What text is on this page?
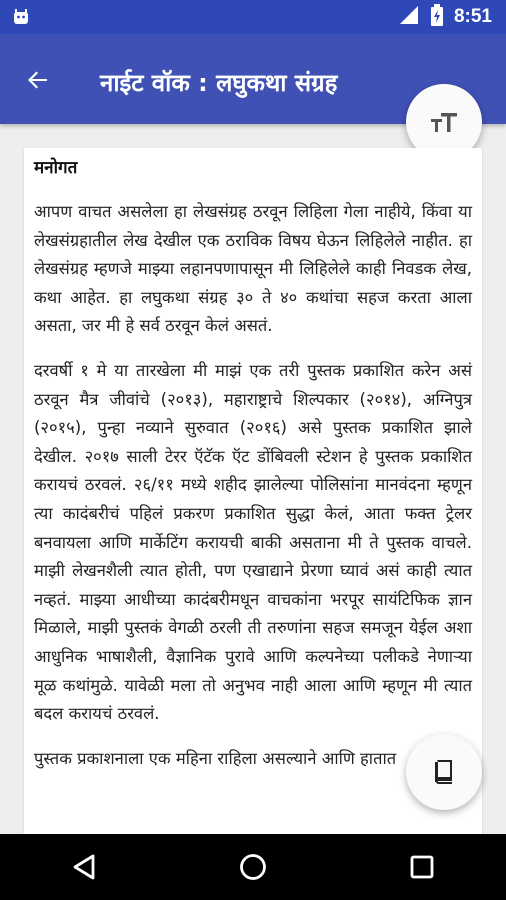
8:51
नाईट वॉक : लघुकथा संग्रह
मनोगत

आपण वाचत असलेला हा लेखसंग्रह ठरवून लिहिला गेला नाहीये, किंवा या लेखसंग्रहातील लेख देखील एक ठराविक विषय घेऊन लिहिलेले नाहीत. हा लेखसंग्रह म्हणजे माझ्या लहानपणापासून मी लिहिलेले काही निवडक लेख, कथा आहेत. हा लघुकथा संग्रह ३० ते ४० कथांचा सहज करता आला असता, जर मी हे सर्व ठरवून केलं असतं.

दरवर्षी १ मे या तारखेला मी माझं एक तरी पुस्तक प्रकाशित करेन असं ठरवून मैत्र जीवांचे (२०१३), महाराष्ट्राचे शिल्पकार (२०१४), अग्निपुत्र (२०१५), पुन्हा नव्याने सुरुवात (२०१६) असे पुस्तक प्रकाशित झाले देखील. २०१७ साली टेरर ऍटॅक ऍट डोंबिवली स्टेशन हे पुस्तक प्रकाशित करायचं ठरवलं. २६/११ मध्ये शहीद झालेल्या पोलिसांना मानवंदना म्हणून त्या कादंबरीचं पहिलं प्रकरण प्रकाशित सुद्धा केलं, आता फक्त ट्रेलर बनवायला आणि मार्केटिंग करायची बाकी असताना मी ते पुस्तक वाचले. माझी लेखनशैली त्यात होती, पण एखाद्याने प्रेरणा घ्यावं असं काही त्यात नव्हतं. माझ्या आधीच्या कादंबरीमधून वाचकांना भरपूर सायंटिफिक ज्ञान मिळाले, माझी पुस्तकं वेगळी ठरली ती तरुणांना सहज समजून येईल अशा आधुनिक भाषाशैली, वैज्ञानिक पुरावे आणि कल्पनेच्या पलीकडे नेणाऱ्या मूळ कथांमुळे. यावेळी मला तो अनुभव नाही आला आणि म्हणून मी त्यात बदल करायचं ठरवलं.

पुस्तक प्रकाशनाला एक महिना राहिला असल्याने आणि हातात
